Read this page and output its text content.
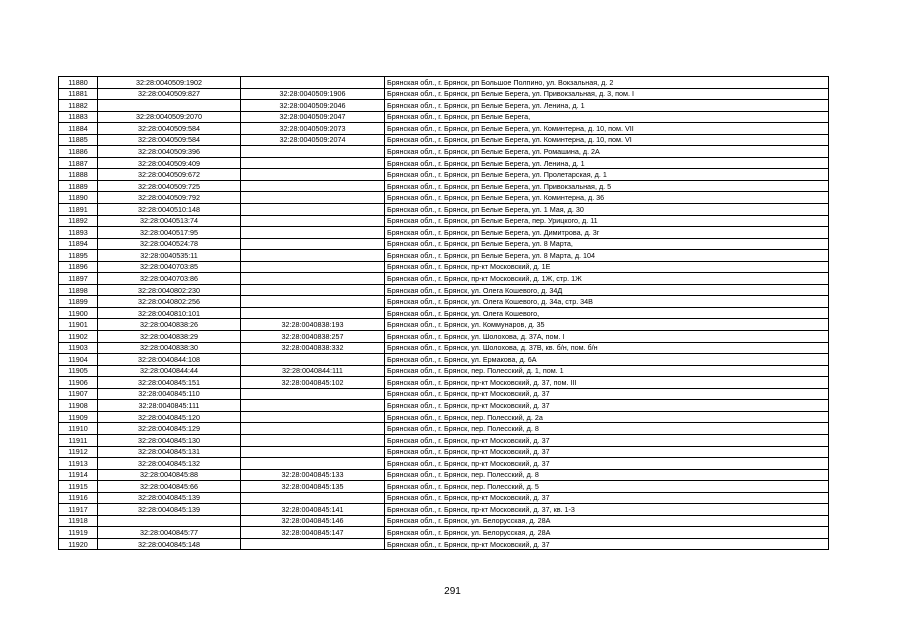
11880	32:28:0040509:1902		Брянская обл., г. Брянск, рп Большое Полпино, ул. Вокзальная, д. 2
11881	32:28:0040509:827	32:28:0040509:1906	Брянская обл., г. Брянск, рп Белые Берега, ул. Привокзальная, д. 3, пом. I
11882		32:28:0040509:2046	Брянская обл., г. Брянск, рп Белые Берега, ул. Ленина, д. 1
11883	32:28:0040509:2070	32:28:0040509:2047	Брянская обл., г. Брянск, рп Белые Берега,
11884	32:28:0040509:584	32:28:0040509:2073	Брянская обл., г. Брянск, рп Белые Берега, ул. Коминтерна, д. 10, пом. VII
11885	32:28:0040509:584	32:28:0040509:2074	Брянская обл., г. Брянск, рп Белые Берега, ул. Коминтерна, д. 10, пом. VI
11886	32:28:0040509:396		Брянская обл., г. Брянск, рп Белые Берега, ул. Ромашина, д. 2А
11887	32:28:0040509:409		Брянская обл., г. Брянск, рп Белые Берега, ул. Ленина, д. 1
11888	32:28:0040509:672		Брянская обл., г. Брянск, рп Белые Берега, ул. Пролетарская, д. 1
11889	32:28:0040509:725		Брянская обл., г. Брянск, рп Белые Берега, ул. Привокзальная, д. 5
11890	32:28:0040509:792		Брянская обл., г. Брянск, рп Белые Берега, ул. Коминтерна, д. 36
11891	32:28:0040510:148		Брянская обл., г. Брянск, рп Белые Берега, ул. 1 Мая, д. 30
11892	32:28:0040513:74		Брянская обл., г. Брянск, рп Белые Берега, пер. Урицкого, д. 11
11893	32:28:0040517:95		Брянская обл., г. Брянск, рп Белые Берега, ул. Димитрова, д. 3г
11894	32:28:0040524:78		Брянская обл., г. Брянск, рп Белые Берега, ул. 8 Марта,
11895	32:28:0040535:11		Брянская обл., г. Брянск, рп Белые Берега, ул. 8 Марта, д. 104
11896	32:28:0040703:85		Брянская обл., г. Брянск, пр-кт Московский, д. 1Е
11897	32:28:0040703:86		Брянская обл., г. Брянск, пр-кт Московский, д. 1Ж, стр. 1Ж
11898	32:28:0040802:230		Брянская обл., г. Брянск, ул. Олега Кошевого, д. 34Д
11899	32:28:0040802:256		Брянская обл., г. Брянск, ул. Олега Кошевого, д. 34а, стр. 34В
11900	32:28:0040810:101		Брянская обл., г. Брянск, ул. Олега Кошевого,
11901	32:28:0040838:26	32:28:0040838:193	Брянская обл., г. Брянск, ул. Коммунаров, д. 35
11902	32:28:0040838:29	32:28:0040838:257	Брянская обл., г. Брянск, ул. Шолохова, д. 37А, пом. I
11903	32:28:0040838:30	32:28:0040838:332	Брянская обл., г. Брянск, ул. Шолохова, д. 37В, кв. б/н, пом. б/н
11904	32:28:0040844:108		Брянская обл., г. Брянск, ул. Ермакова, д. 6А
11905	32:28:0040844:44	32:28:0040844:111	Брянская обл., г. Брянск, пер. Полесский, д. 1, пом. 1
11906	32:28:0040845:151	32:28:0040845:102	Брянская обл., г. Брянск, пр-кт Московский, д. 37, пом. III
11907	32:28:0040845:110		Брянская обл., г. Брянск, пр-кт Московский, д. 37
11908	32:28:0040845:111		Брянская обл., г. Брянск, пр-кт Московский, д. 37
11909	32:28:0040845:120		Брянская обл., г. Брянск, пер. Полесский, д. 2а
11910	32:28:0040845:129		Брянская обл., г. Брянск, пер. Полесский, д. 8
11911	32:28:0040845:130		Брянская обл., г. Брянск, пр-кт Московский, д. 37
11912	32:28:0040845:131		Брянская обл., г. Брянск, пр-кт Московский, д. 37
11913	32:28:0040845:132		Брянская обл., г. Брянск, пр-кт Московский, д. 37
11914	32:28:0040845:88	32:28:0040845:133	Брянская обл., г. Брянск, пер. Полесский, д. 8
11915	32:28:0040845:66	32:28:0040845:135	Брянская обл., г. Брянск, пер. Полесский, д. 5
11916	32:28:0040845:139		Брянская обл., г. Брянск, пр-кт Московский, д. 37
11917	32:28:0040845:139	32:28:0040845:141	Брянская обл., г. Брянск, пр-кт Московский, д. 37, кв. 1-3
11918		32:28:0040845:146	Брянская обл., г. Брянск, ул. Белорусская, д. 28А
11919	32:28:0040845:77	32:28:0040845:147	Брянская обл., г. Брянск, ул. Белорусская, д. 28А
11920	32:28:0040845:148		Брянская обл., г. Брянск, пр-кт Московский, д. 37
291
